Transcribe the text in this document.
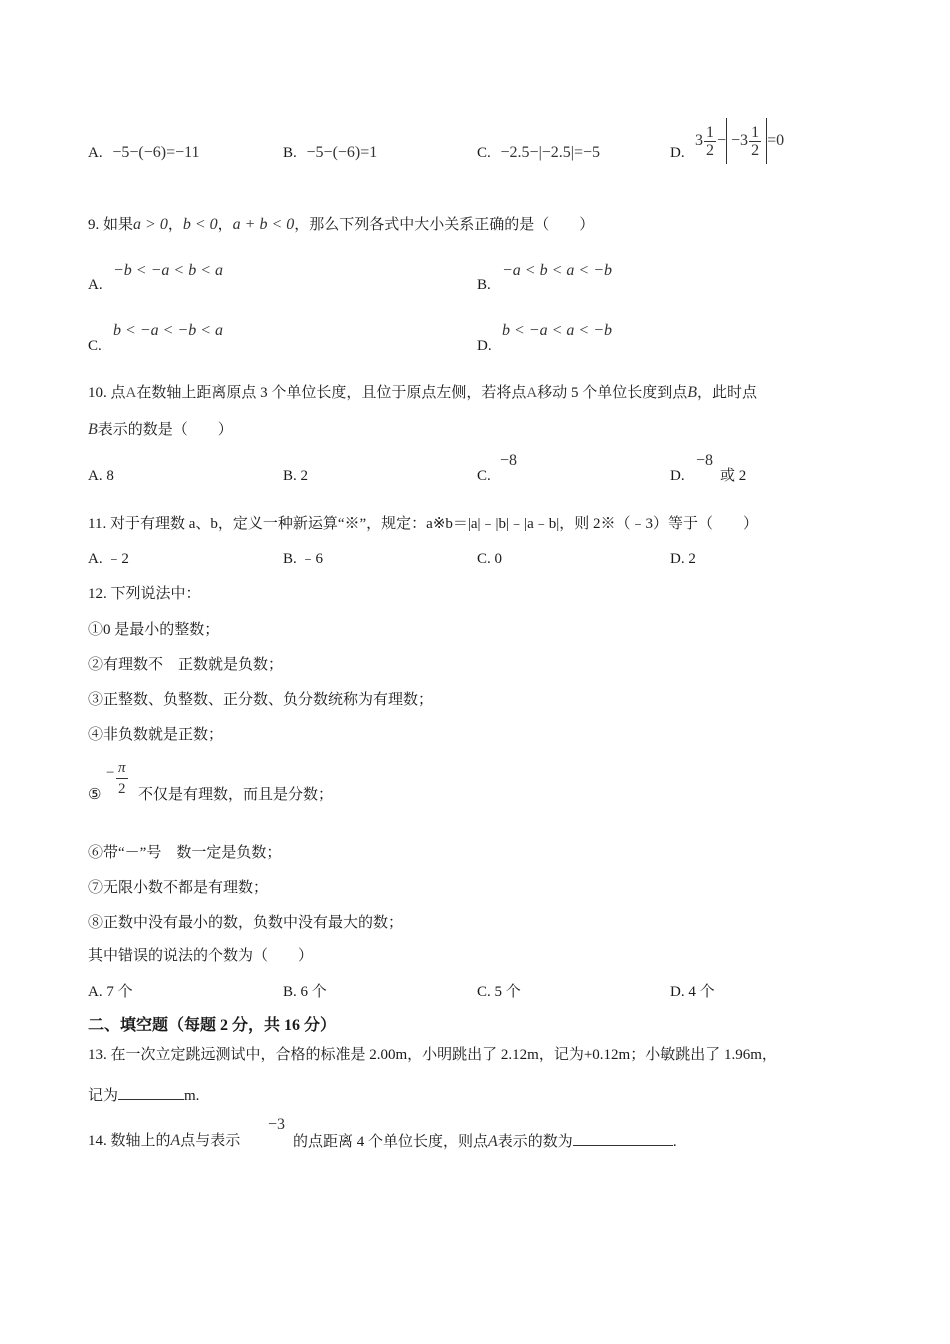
A. −5−(−6)=−11	B. −5−(−6)=1	C. −2.5−|−2.5|=−5	D.
$3 \frac{1}{2} - -3 \frac{1}{2} =0$
9. 如果a > 0，b < 0，a + b < 0，那么下列各式中大小关系正确的是（　　）
A.
−b < −a < b < a
B.
−a < b < a < −b
C.
b < −a < −b < a
D.
b < −a < a < −b
10. 点A在数轴上距离原点 3 个单位长度，且位于原点左侧，若将点A移动 5 个单位长度到点B，此时点
B表示的数是（　　）
A. 8	B. 2	C.
−8
D.
−8
或 2
11. 对于有理数 a、b，定义一种新运算“※”，规定：a※b＝|a|﹣|b|﹣|a﹣b|，则 2※（﹣3）等于（　　）
A. ﹣2	B. ﹣6	C. 0	D. 2
12. 下列说法中：
①0 是最小的整数；
②有理数不　正数就是负数；
③正整数、负整数、正分数、负分数统称为有理数；
④非负数就是正数；
⑤
− π
2 不仅是有理数，而且是分数；
⑥带“－”号　数一定是负数；
⑦无限小数不都是有理数；
⑧正数中没有最小的数，负数中没有最大的数；
其中错误的说法的个数为（　　）
A. 7 个	B. 6 个	C. 5 个	D. 4 个
二、填空题（每题 2 分，共 16 分）
13. 在一次立定跳远测试中，合格的标准是 2.00m，小明跳出了 2.12m，记为+0.12m；小敏跳出了 1.96m，
记为	m.
14. 数轴上的A点与表示
−3
的点距离 4 个单位长度，则点A表示的数为	.
